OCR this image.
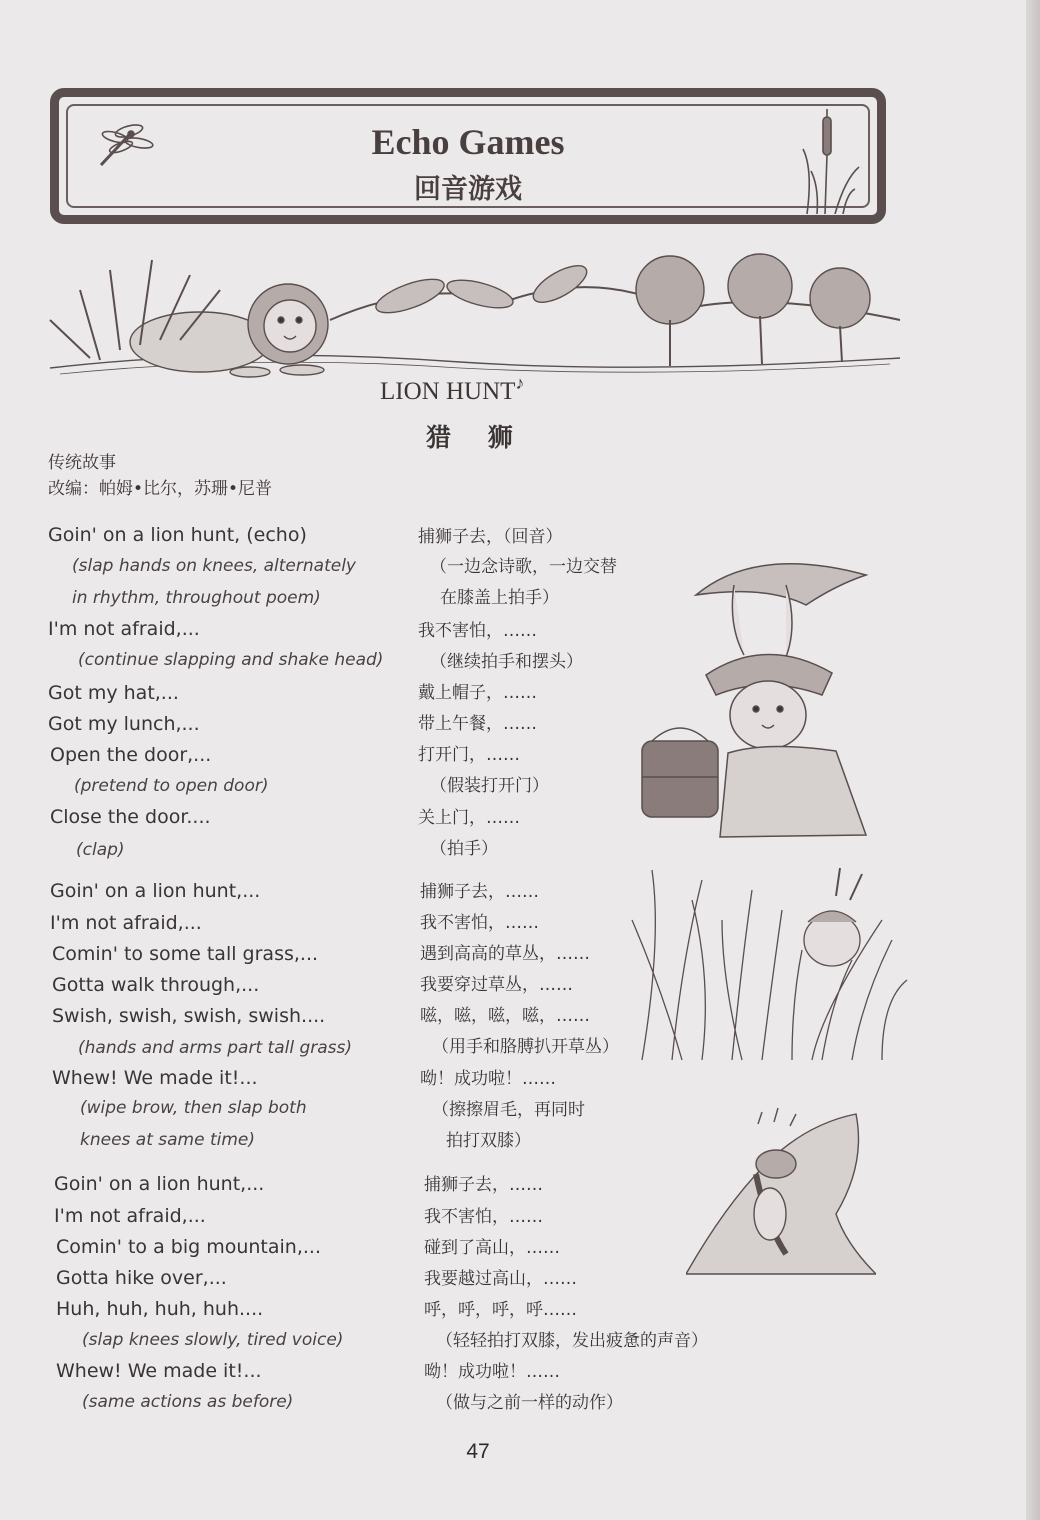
Echo Games
回音游戏
LION HUNT♪
猎 狮
传统故事
改编：帕姆•比尔，苏珊•尼普
Goin' on a lion hunt, (echo)
(slap hands on knees, alternately
in rhythm, throughout poem)
I'm not afraid,...
(continue slapping and shake head)
Got my hat,...
Got my lunch,...
Open the door,...
(pretend to open door)
Close the door....
(clap)
Goin' on a lion hunt,...
I'm not afraid,...
Comin' to some tall grass,...
Gotta walk through,...
Swish, swish, swish, swish....
(hands and arms part tall grass)
Whew! We made it!...
(wipe brow, then slap both
knees at same time)
Goin' on a lion hunt,...
I'm not afraid,...
Comin' to a big mountain,...
Gotta hike over,...
Huh, huh, huh, huh....
(slap knees slowly, tired voice)
Whew! We made it!...
(same actions as before)
捕狮子去，（回音）
（一边念诗歌，一边交替
在膝盖上拍手）
我不害怕，……
（继续拍手和摆头）
戴上帽子，……
带上午餐，……
打开门，……
（假装打开门）
关上门，……
（拍手）
捕狮子去，……
我不害怕，……
遇到高高的草丛，……
我要穿过草丛，……
嗞，嗞，嗞，嗞，……
（用手和胳膊扒开草丛）
呦！成功啦！……
（擦擦眉毛，再同时
拍打双膝）
捕狮子去，……
我不害怕，……
碰到了高山，……
我要越过高山，……
呼，呼，呼，呼……
（轻轻拍打双膝，发出疲惫的声音）
呦！成功啦！……
（做与之前一样的动作）
47
